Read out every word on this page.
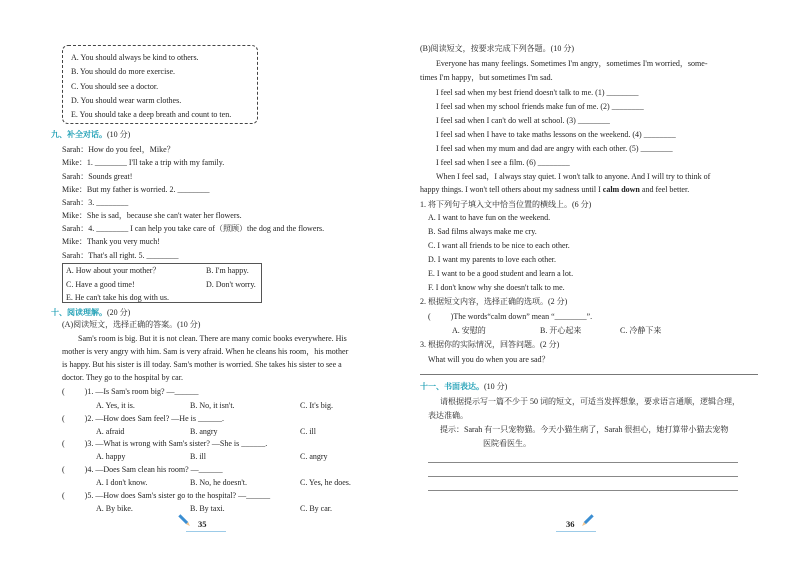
A. You should always be kind to others.
B. You should do more exercise.
C. You should see a doctor.
D. You should wear warm clothes.
E. You should take a deep breath and count to ten.
九、补全对话。(10 分)
Sarah：How do you feel，Mike？
Mike：1. ________ I'll take a trip with my family.
Sarah：Sounds great!
Mike：But my father is worried. 2. ________
Sarah：3. ________
Mike：She is sad，because she can't water her flowers.
Sarah：4. ________ I can help you take care of（照顾）the dog and the flowers.
Mike：Thank you very much!
Sarah：That's all right. 5. ________
A. How about your mother？	B. I'm happy.
C. Have a good time!	D. Don't worry.
E. He can't take his dog with us.
十、阅读理解。(20 分)
(A)阅读短文，选择正确的答案。(10 分)
Sam's room is big. But it is not clean. There are many comic books everywhere. His
mother is very angry with him. Sam is very afraid. When he cleans his room，his mother
is happy. But his sister is ill today. Sam's mother is worried. She takes his sister to see a
doctor. They go to the hospital by car.
(          )1. —Is Sam's room big? —______
A. Yes, it is.	B. No, it isn't.	C. It's big.
(          )2. —How does Sam feel? —He is ______.
A. afraid	B. angry	C. ill
(          )3. —What is wrong with Sam's sister? —She is ______.
A. happy	B. ill	C. angry
(          )4. —Does Sam clean his room? —______
A. I don't know.	B. No, he doesn't.	C. Yes, he does.
(          )5. —How does Sam's sister go to the hospital? —______
A. By bike.	B. By taxi.	C. By car.
35
(B)阅读短文，按要求完成下列各题。(10 分)
Everyone has many feelings. Sometimes I'm angry，sometimes I'm worried，some-
times I'm happy，but sometimes I'm sad.
I feel sad when my best friend doesn't talk to me. (1) ________
I feel sad when my school friends make fun of me. (2) ________
I feel sad when I can't do well at school. (3) ________
I feel sad when I have to take maths lessons on the weekend. (4) ________
I feel sad when my mum and dad are angry with each other. (5) ________
I feel sad when I see a film. (6) ________
When I feel sad，I always stay quiet. I won't talk to anyone. And I will try to think of
happy things. I won't tell others about my sadness until I calm down and feel better.
1. 将下列句子填入文中恰当位置的横线上。(6 分)
A. I want to have fun on the weekend.
B. Sad films always make me cry.
C. I want all friends to be nice to each other.
D. I want my parents to love each other.
E. I want to be a good student and learn a lot.
F. I don't know why she doesn't talk to me.
2. 根据短文内容，选择正确的选项。(2 分)
(          )The words“calm down” mean “________”.
A. 安慰的	B. 开心起来	C. 冷静下来
3. 根据你的实际情况，回答问题。(2 分)
What will you do when you are sad？
十一、书面表达。(10 分)
请根据提示写一篇不少于 50 词的短文，可适当发挥想象，要求语言通顺，逻辑合理，
表达准确。
提示：Sarah 有一只宠物猫。今天小猫生病了，Sarah 很担心，她打算带小猫去宠物
医院看医生。
36
